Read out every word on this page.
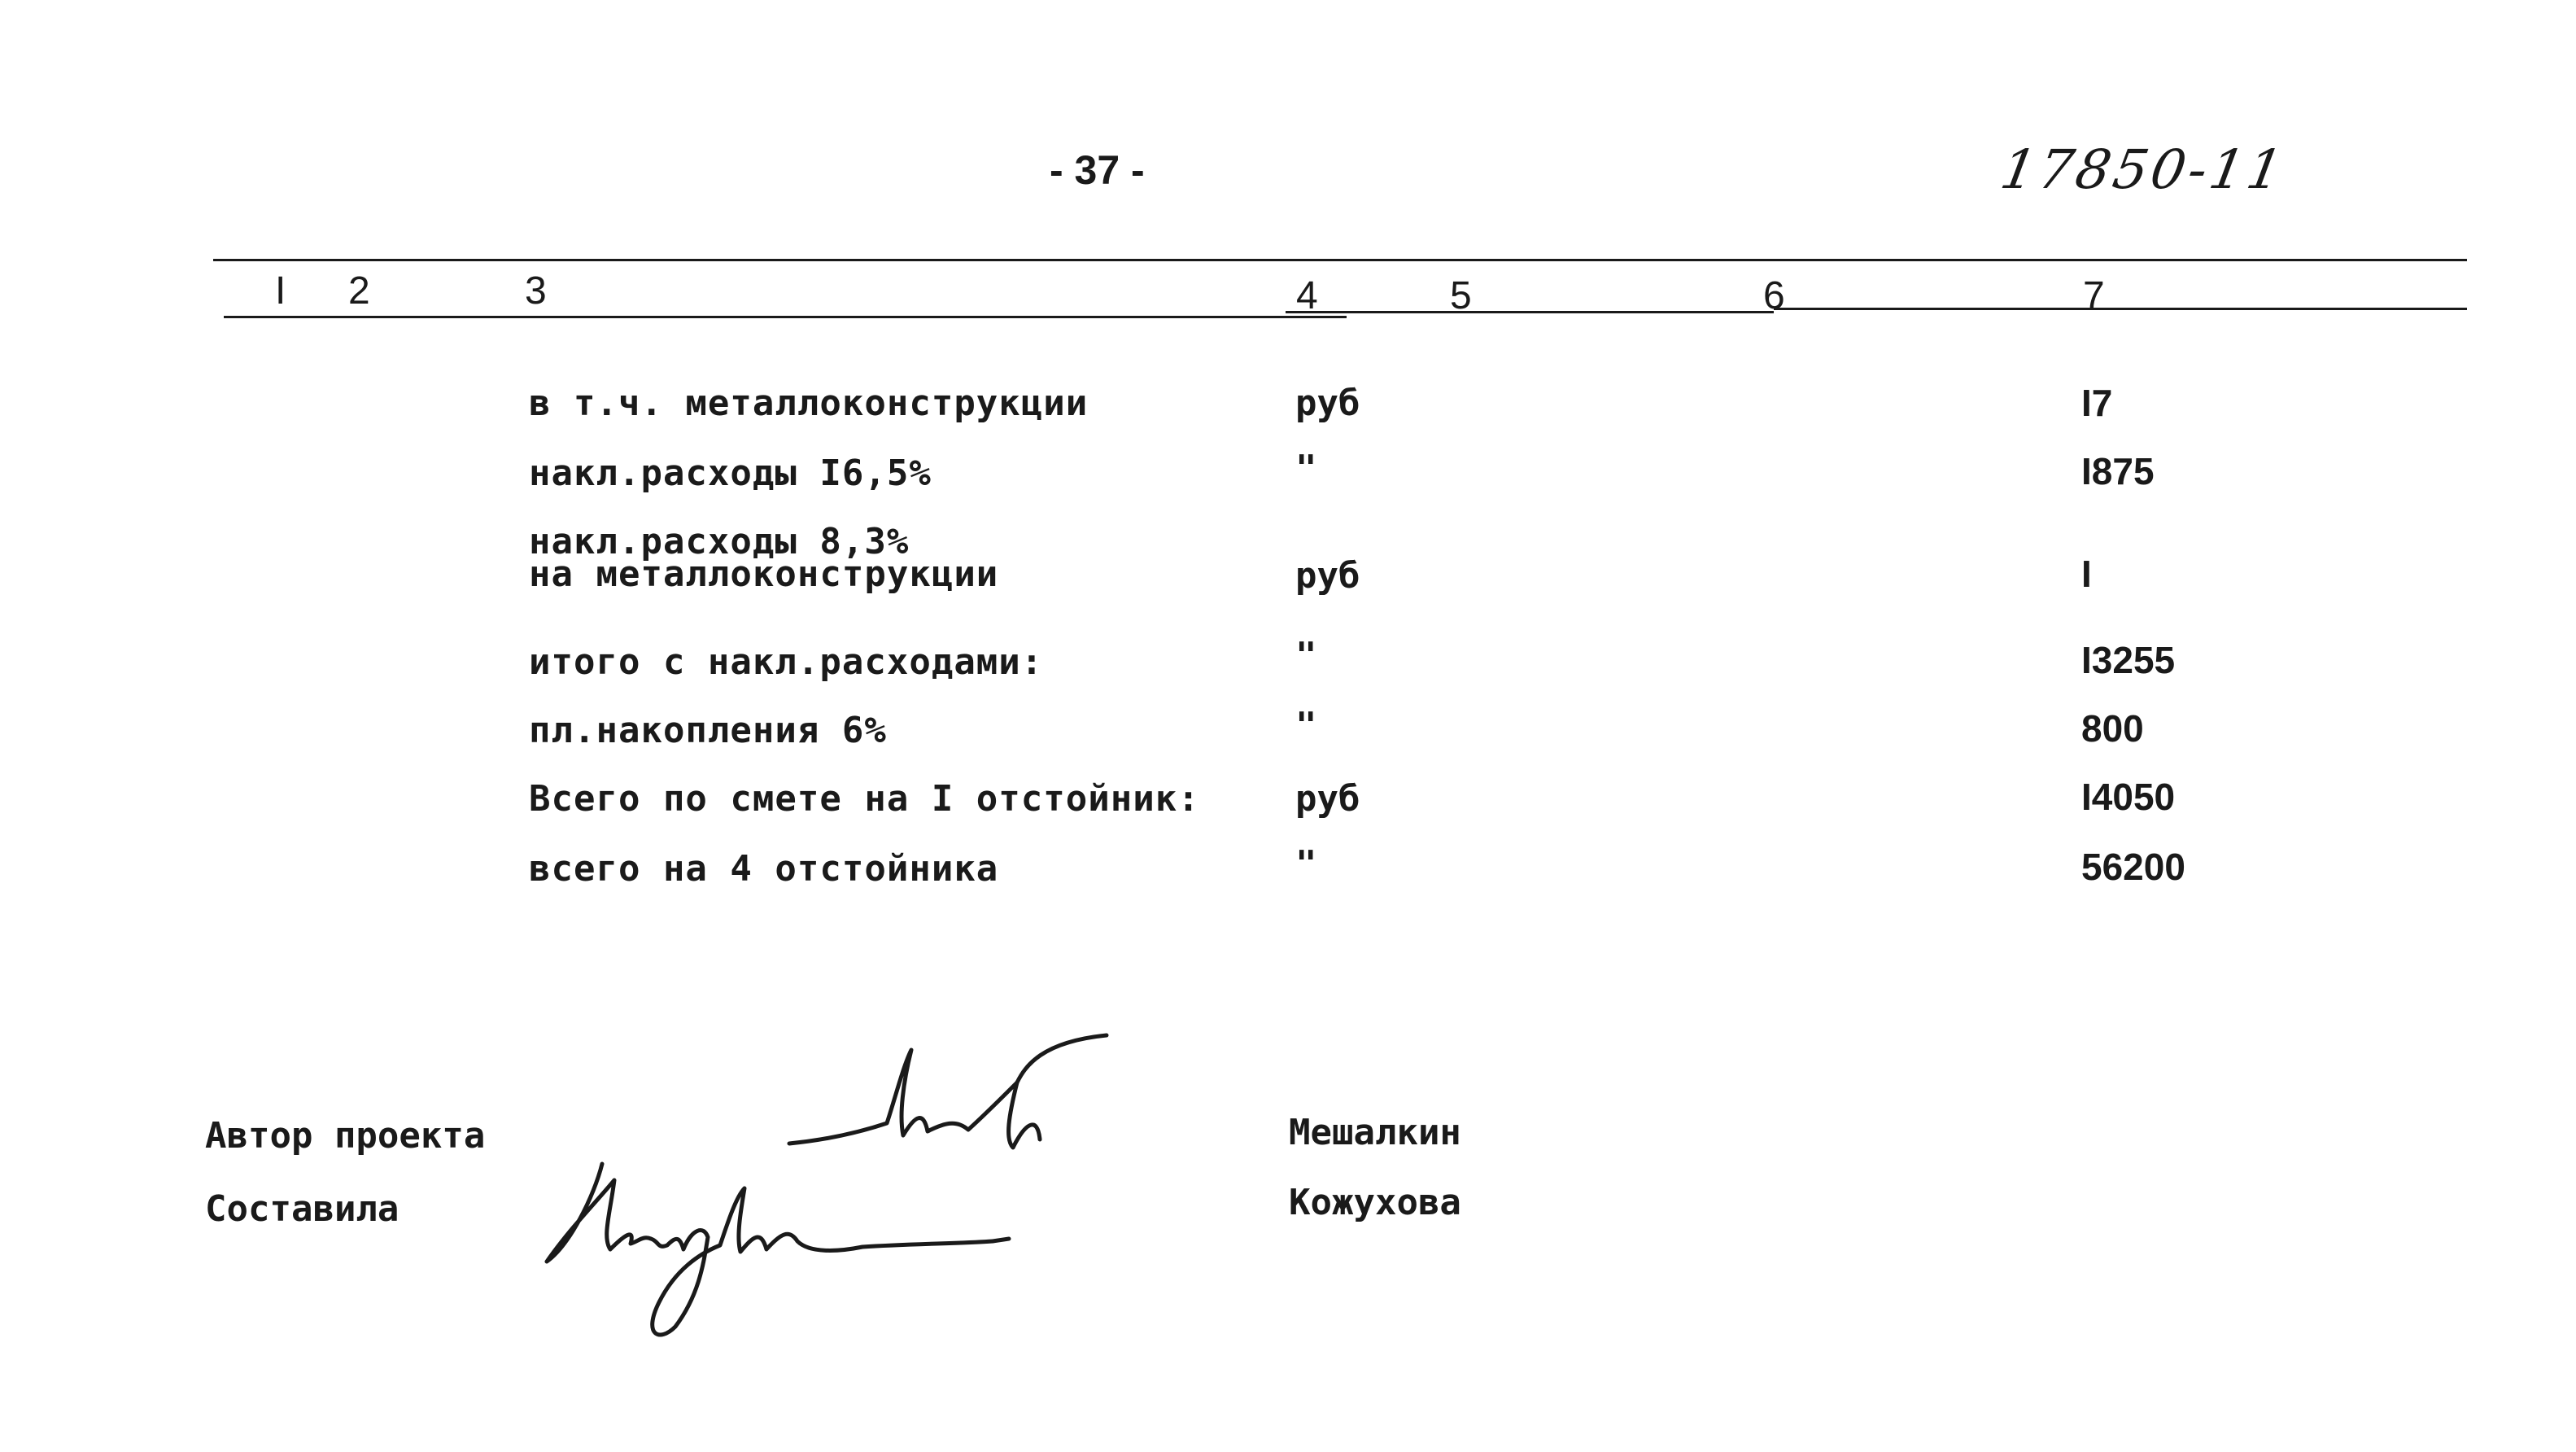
- 37 -	17850-11
I 2	3	4	5	6	7
в т.ч. металлоконструкции	руб	I7
накл.расходы I6,5%	"	I875
накл.расходы 8,3%
на металлоконструкции	руб	I
итого с накл.расходами:	"	I3255
пл.накопления 6%	"	800
Всего по смете на I отстойник:	руб	I4050
всего на 4 отстойника	"	56200
Автор проекта
Составила
Мешалкин
Кожухова
